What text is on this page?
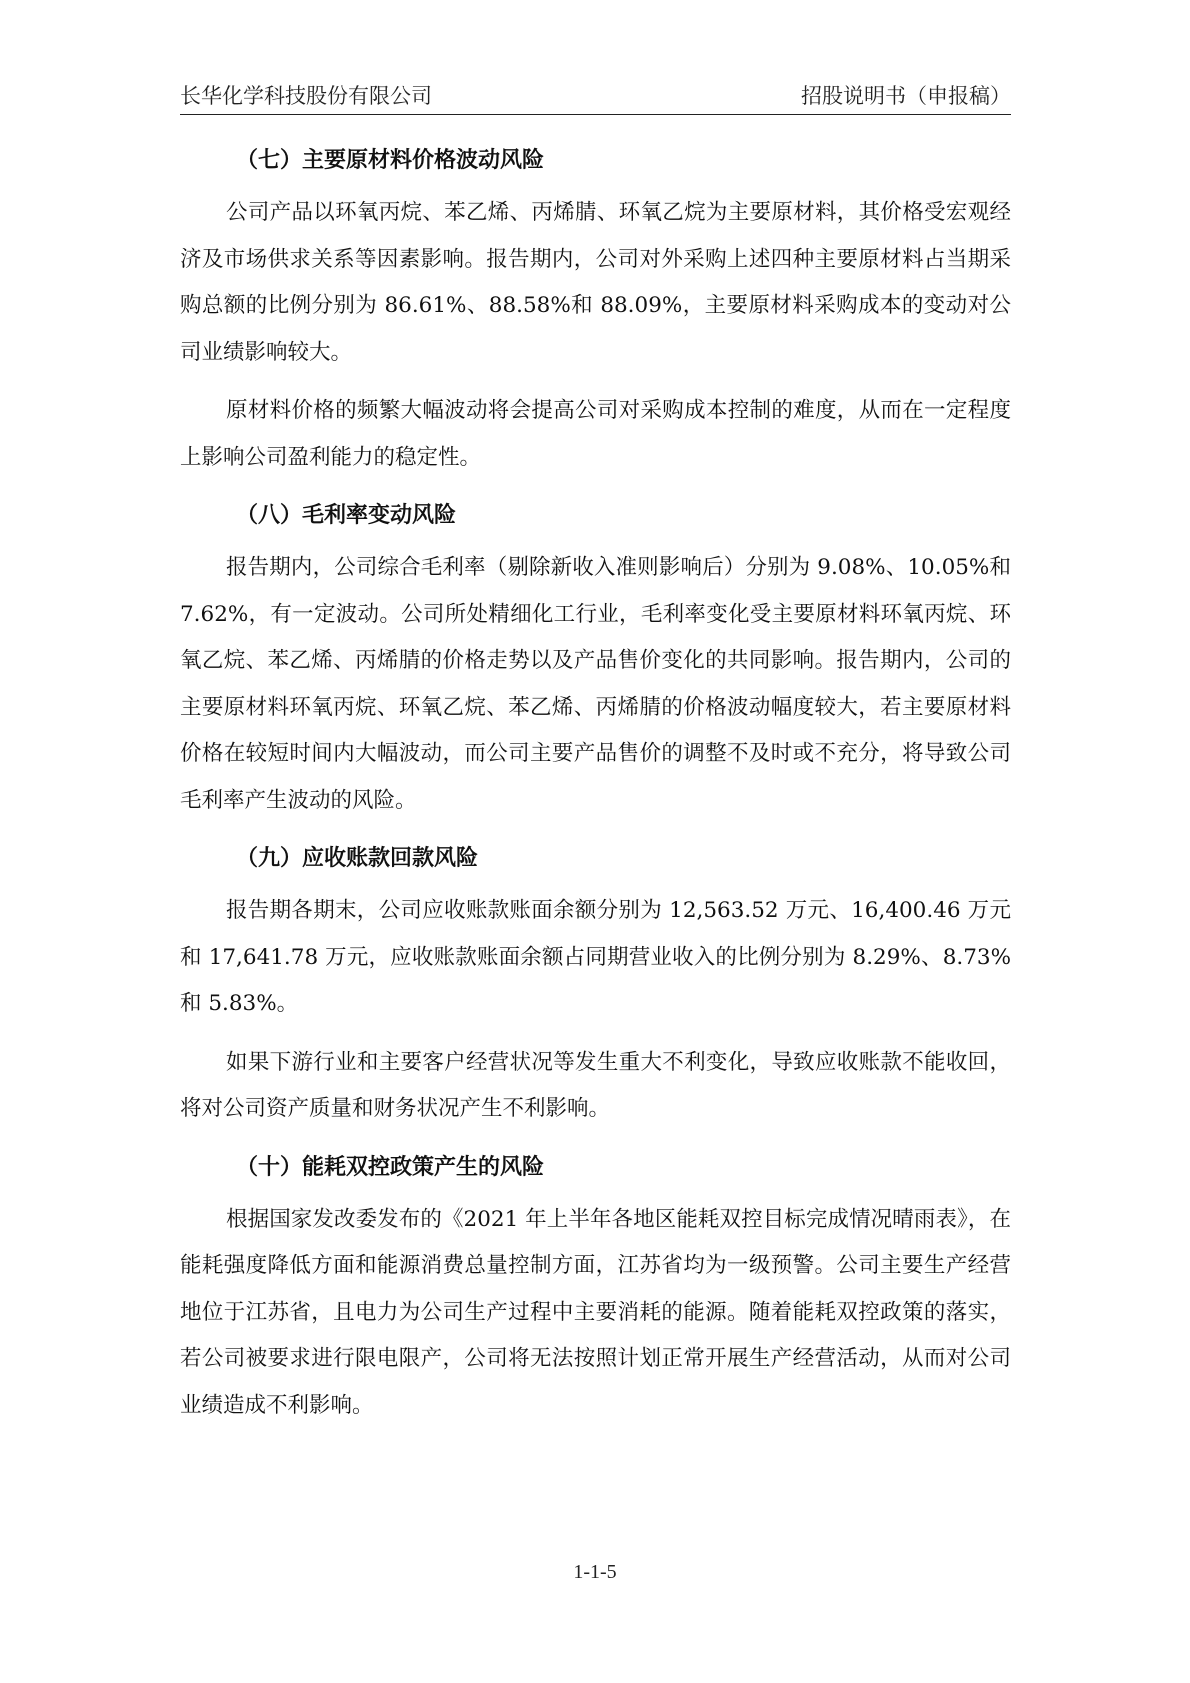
长华化学科技股份有限公司	招股说明书（申报稿）
（七）主要原材料价格波动风险

公司产品以环氧丙烷、苯乙烯、丙烯腈、环氧乙烷为主要原材料，其价格受宏观经济及市场供求关系等因素影响。报告期内，公司对外采购上述四种主要原材料占当期采购总额的比例分别为 86.61%、88.58%和 88.09%，主要原材料采购成本的变动对公司业绩影响较大。

原材料价格的频繁大幅波动将会提高公司对采购成本控制的难度，从而在一定程度上影响公司盈利能力的稳定性。

（八）毛利率变动风险

报告期内，公司综合毛利率（剔除新收入准则影响后）分别为 9.08%、10.05%和 7.62%，有一定波动。公司所处精细化工行业，毛利率变化受主要原材料环氧丙烷、环氧乙烷、苯乙烯、丙烯腈的价格走势以及产品售价变化的共同影响。报告期内，公司的主要原材料环氧丙烷、环氧乙烷、苯乙烯、丙烯腈的价格波动幅度较大，若主要原材料价格在较短时间内大幅波动，而公司主要产品售价的调整不及时或不充分，将导致公司毛利率产生波动的风险。

（九）应收账款回款风险

报告期各期末，公司应收账款账面余额分别为 12,563.52 万元、16,400.46 万元和 17,641.78 万元，应收账款账面余额占同期营业收入的比例分别为 8.29%、8.73%和 5.83%。

如果下游行业和主要客户经营状况等发生重大不利变化，导致应收账款不能收回，将对公司资产质量和财务状况产生不利影响。

（十）能耗双控政策产生的风险

根据国家发改委发布的《2021 年上半年各地区能耗双控目标完成情况晴雨表》，在能耗强度降低方面和能源消费总量控制方面，江苏省均为一级预警。公司主要生产经营地位于江苏省，且电力为公司生产过程中主要消耗的能源。随着能耗双控政策的落实，若公司被要求进行限电限产，公司将无法按照计划正常开展生产经营活动，从而对公司业绩造成不利影响。

1-1-5
